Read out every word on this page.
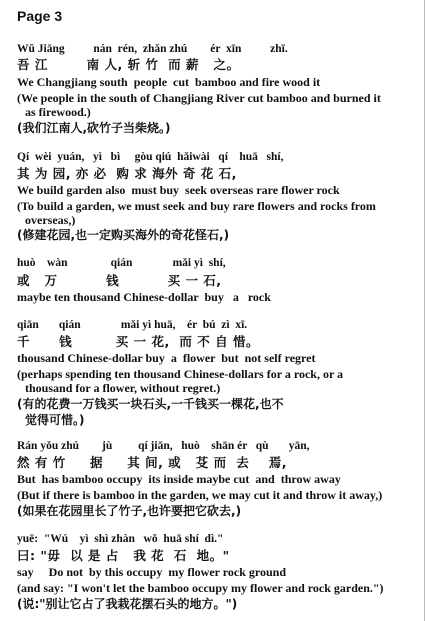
Page 3
Wŭ Jiāng          nán  rén,  zhǎn zhú        ér  xīn          zhī.
吾 江        南 人, 斩 竹  而 薪   之。
We Changjiang south  people  cut  bamboo and fire wood it
(We people in the south of Changjiang River cut bamboo and burned it
as firewood.)
(我们江南人,砍竹子当柴烧。)
Qí  wèi  yuán,   yì   bì     gòu qiú  hǎiwài   qí    huā   shí,
其 为 园, 亦 必  购 求 海外 奇 花 石,
We build garden also  must buy  seek overseas rare flower rock
(To build a garden, we must seek and buy rare flowers and rocks from
overseas,)
(修建花园,也一定购买海外的奇花怪石,)
huò    wàn               qián              mǎi yì  shí,
或   万          钱          买 一 石,
maybe ten thousand Chinese-dollar  buy   a   rock
qiān       qián              mǎi yì huā,    ér  bú  zì  xī.
千      钱         买 一 花,  而 不 自 惜。
thousand Chinese-dollar buy  a  flower  but  not self regret
(perhaps spending ten thousand Chinese-dollars for a rock, or a
thousand for a flower, without regret.)
(有的花费一万钱买一块石头,一千钱买一棵花,也不
觉得可惜。)
Rán yǒu zhú        jù         qí jiān,   huò    shān ér   qù       yān,
然 有 竹     据     其 间, 或   芟 而  去    焉,
But  has bamboo occupy  its inside maybe cut  and  throw away
(But if there is bamboo in the garden, we may cut it and throw it away,)
(如果在花园里长了竹子,也许要把它砍去,)
yuē:  "Wú    yì  shì zhàn   wǒ  huā shí  dì."
曰: "毋  以 是 占   我 花  石  地。"
say     Do not  by this occupy  my flower rock ground
(and say: "I won't let the bamboo occupy my flower and rock garden.")
(说:"别让它占了我栽花摆石头的地方。")
